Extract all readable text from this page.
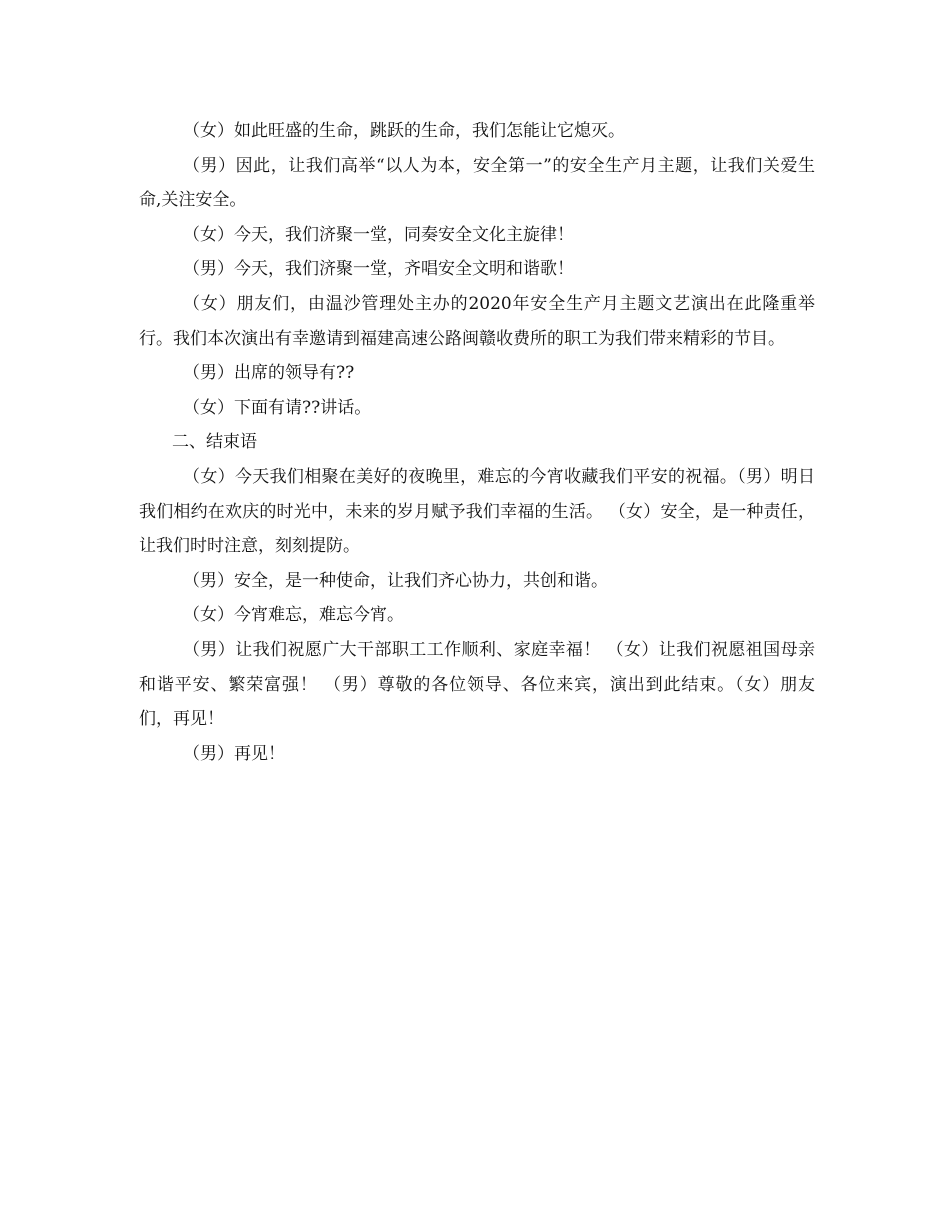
（女）如此旺盛的生命，跳跃的生命，我们怎能让它熄灭。

（男）因此，让我们高举“以人为本，安全第一”的安全生产月主题，让我们关爱生命,关注安全。

（女）今天，我们济聚一堂，同奏安全文化主旋律！

（男）今天，我们济聚一堂，齐唱安全文明和谐歌！

（女）朋友们，由温沙管理处主办的2020年安全生产月主题文艺演出在此隆重举行。我们本次演出有幸邀请到福建高速公路闽赣收费所的职工为我们带来精彩的节目。

（男）出席的领导有??

（女）下面有请??讲话。

二、结束语

（女）今天我们相聚在美好的夜晚里，难忘的今宵收藏我们平安的祝福。（男）明日我们相约在欢庆的时光中，未来的岁月赋予我们幸福的生活。 （女）安全，是一种责任，让我们时时注意，刻刻提防。

（男）安全，是一种使命，让我们齐心协力，共创和谐。

（女）今宵难忘，难忘今宵。

（男）让我们祝愿广大干部职工工作顺利、家庭幸福！ （女）让我们祝愿祖国母亲和谐平安、繁荣富强！ （男）尊敬的各位领导、各位来宾，演出到此结束。（女）朋友们，再见！

（男）再见！
